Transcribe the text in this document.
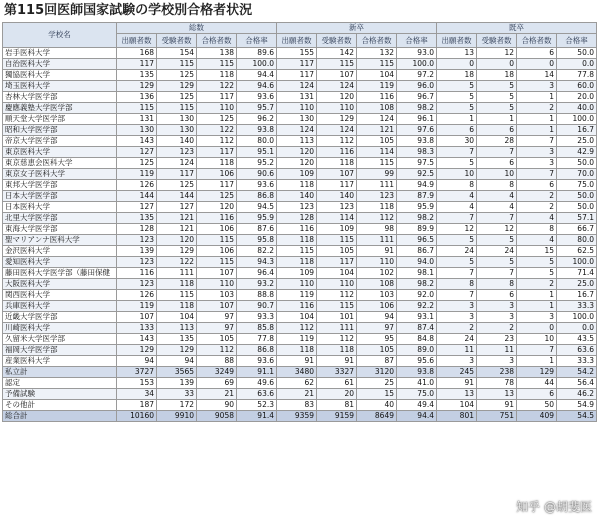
第115回医師国家試験の学校別合格者状況
学校名	総数				新卒				既卒			
	出願者数	受験者数	合格者数	合格率	出願者数	受験者数	合格者数	合格率	出願者数	受験者数	合格者数	合格率
岩手医科大学	168	154	138	89.6	155	142	132	93.0	13	12	6	50.0
自治医科大学	117	115	115	100.0	117	115	115	100.0	0	0	0	0.0
獨協医科大学	135	125	118	94.4	117	107	104	97.2	18	18	14	77.8
埼玉医科大学	129	129	122	94.6	124	124	119	96.0	5	5	3	60.0
杏林大学医学部	136	125	117	93.6	131	120	116	96.7	5	5	1	20.0
慶應義塾大学医学部	115	115	110	95.7	110	110	108	98.2	5	5	2	40.0
順天堂大学医学部	131	130	125	96.2	130	129	124	96.1	1	1	1	100.0
昭和大学医学部	130	130	122	93.8	124	124	121	97.6	6	6	1	16.7
帝京大学医学部	143	140	112	80.0	113	112	105	93.8	30	28	7	25.0
東京医科大学	127	123	117	95.1	120	116	114	98.3	7	7	3	42.9
東京慈恵会医科大学	125	124	118	95.2	120	118	115	97.5	5	6	3	50.0
東京女子医科大学	119	117	106	90.6	109	107	99	92.5	10	10	7	70.0
東邦大学医学部	126	125	117	93.6	118	117	111	94.9	8	8	6	75.0
日本大学医学部	144	144	125	86.8	140	140	123	87.9	4	4	2	50.0
日本医科大学	127	127	120	94.5	123	123	118	95.9	4	4	2	50.0
北里大学医学部	135	121	116	95.9	128	114	112	98.2	7	7	4	57.1
東海大学医学部	128	121	106	87.6	116	109	98	89.9	12	12	8	66.7
聖マリアンナ医科大学	123	120	115	95.8	118	115	111	96.5	5	5	4	80.0
金沢医科大学	139	129	106	82.2	115	105	91	86.7	24	24	15	62.5
愛知医科大学	123	122	115	94.3	118	117	110	94.0	5	5	5	100.0
藤田医科大学医学部（藤田保健	116	111	107	96.4	109	104	102	98.1	7	7	5	71.4
大阪医科大学	123	118	110	93.2	110	110	108	98.2	8	8	2	25.0
関西医科大学	126	115	103	88.8	119	112	103	92.0	7	6	1	16.7
兵庫医科大学	119	118	107	90.7	116	115	106	92.2	3	3	1	33.3
近畿大学医学部	107	104	97	93.3	104	101	94	93.1	3	3	3	100.0
川崎医科大学	133	113	97	85.8	112	111	97	87.4	2	2	0	0.0
久留米大学医学部	143	135	105	77.8	119	112	95	84.8	24	23	10	43.5
福岡大学医学部	129	129	112	86.8	118	118	105	89.0	11	11	7	63.6
産業医科大学	94	94	88	93.6	91	91	87	95.6	3	3	1	33.3
私立計	3727	3565	3249	91.1	3480	3327	3120	93.8	245	238	129	54.2
認定	153	139	69	49.6	62	61	25	41.0	91	78	44	56.4
予備試験	34	33	21	63.6	21	20	15	75.0	13	13	6	46.2
その他計	187	172	90	52.3	83	81	40	49.4	104	91	50	54.9
総合計	10160	9910	9058	91.4	9359	9159	8649	94.4	801	751	409	54.5
知乎 @胡斐医
